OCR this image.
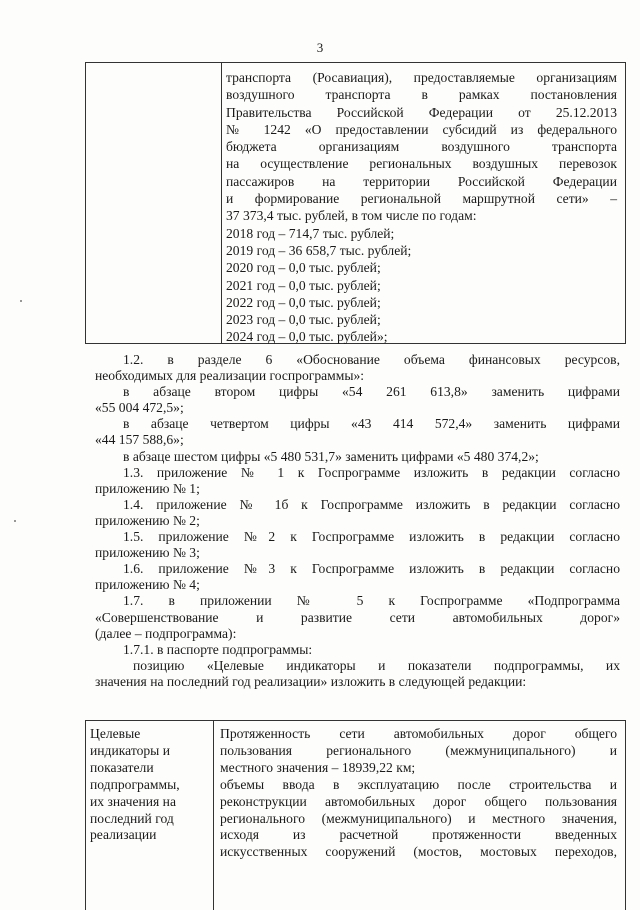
3
транспорта (Росавиация), предоставляемые организациям
воздушного транспорта в рамках постановления
Правительства Российской Федерации от 25.12.2013
№ 1242 «О предоставлении субсидий из федерального
бюджета организациям воздушного транспорта
на осуществление региональных воздушных перевозок
пассажиров на территории Российской Федерации
и формирование региональной маршрутной сети» –
37 373,4 тыс. рублей, в том числе по годам:
2018 год – 714,7 тыс. рублей;
2019 год – 36 658,7 тыс. рублей;
2020 год – 0,0 тыс. рублей;
2021 год – 0,0 тыс. рублей;
2022 год – 0,0 тыс. рублей;
2023 год – 0,0 тыс. рублей;
2024 год – 0,0 тыс. рублей»;
1.2. в разделе 6 «Обоснование объема финансовых ресурсов,
необходимых для реализации госпрограммы»:
в абзаце втором цифры «54 261 613,8» заменить цифрами
«55 004 472,5»;
в абзаце четвертом цифры «43 414 572,4» заменить цифрами
«44 157 588,6»;
в абзаце шестом цифры «5 480 531,7» заменить цифрами «5 480 374,2»;
1.3. приложение № 1 к Госпрограмме изложить в редакции согласно
приложению № 1;
1.4. приложение № 1б к Госпрограмме изложить в редакции согласно
приложению № 2;
1.5. приложение №2 к Госпрограмме изложить в редакции согласно
приложению № 3;
1.6. приложение №3 к Госпрограмме изложить в редакции согласно
приложению № 4;
1.7. в приложении № 5 к Госпрограмме «Подпрограмма
«Совершенствование и развитие сети автомобильных дорог»
(далее – подпрограмма):
1.7.1. в паспорте подпрограммы:
позицию «Целевые индикаторы и показатели подпрограммы, их
значения на последний год реализации» изложить в следующей редакции:
Целевые
индикаторы и
показатели
подпрограммы,
их значения на
последний год
реализации
Протяженность сети автомобильных дорог общего
пользования регионального (межмуниципального) и
местного значения – 18939,22 км;
объемы ввода в эксплуатацию после строительства и
реконструкции автомобильных дорог общего пользования
регионального (межмуниципального) и местного значения,
исходя из расчетной протяженности введенных
искусственных сооружений (мостов, мостовых переходов,
